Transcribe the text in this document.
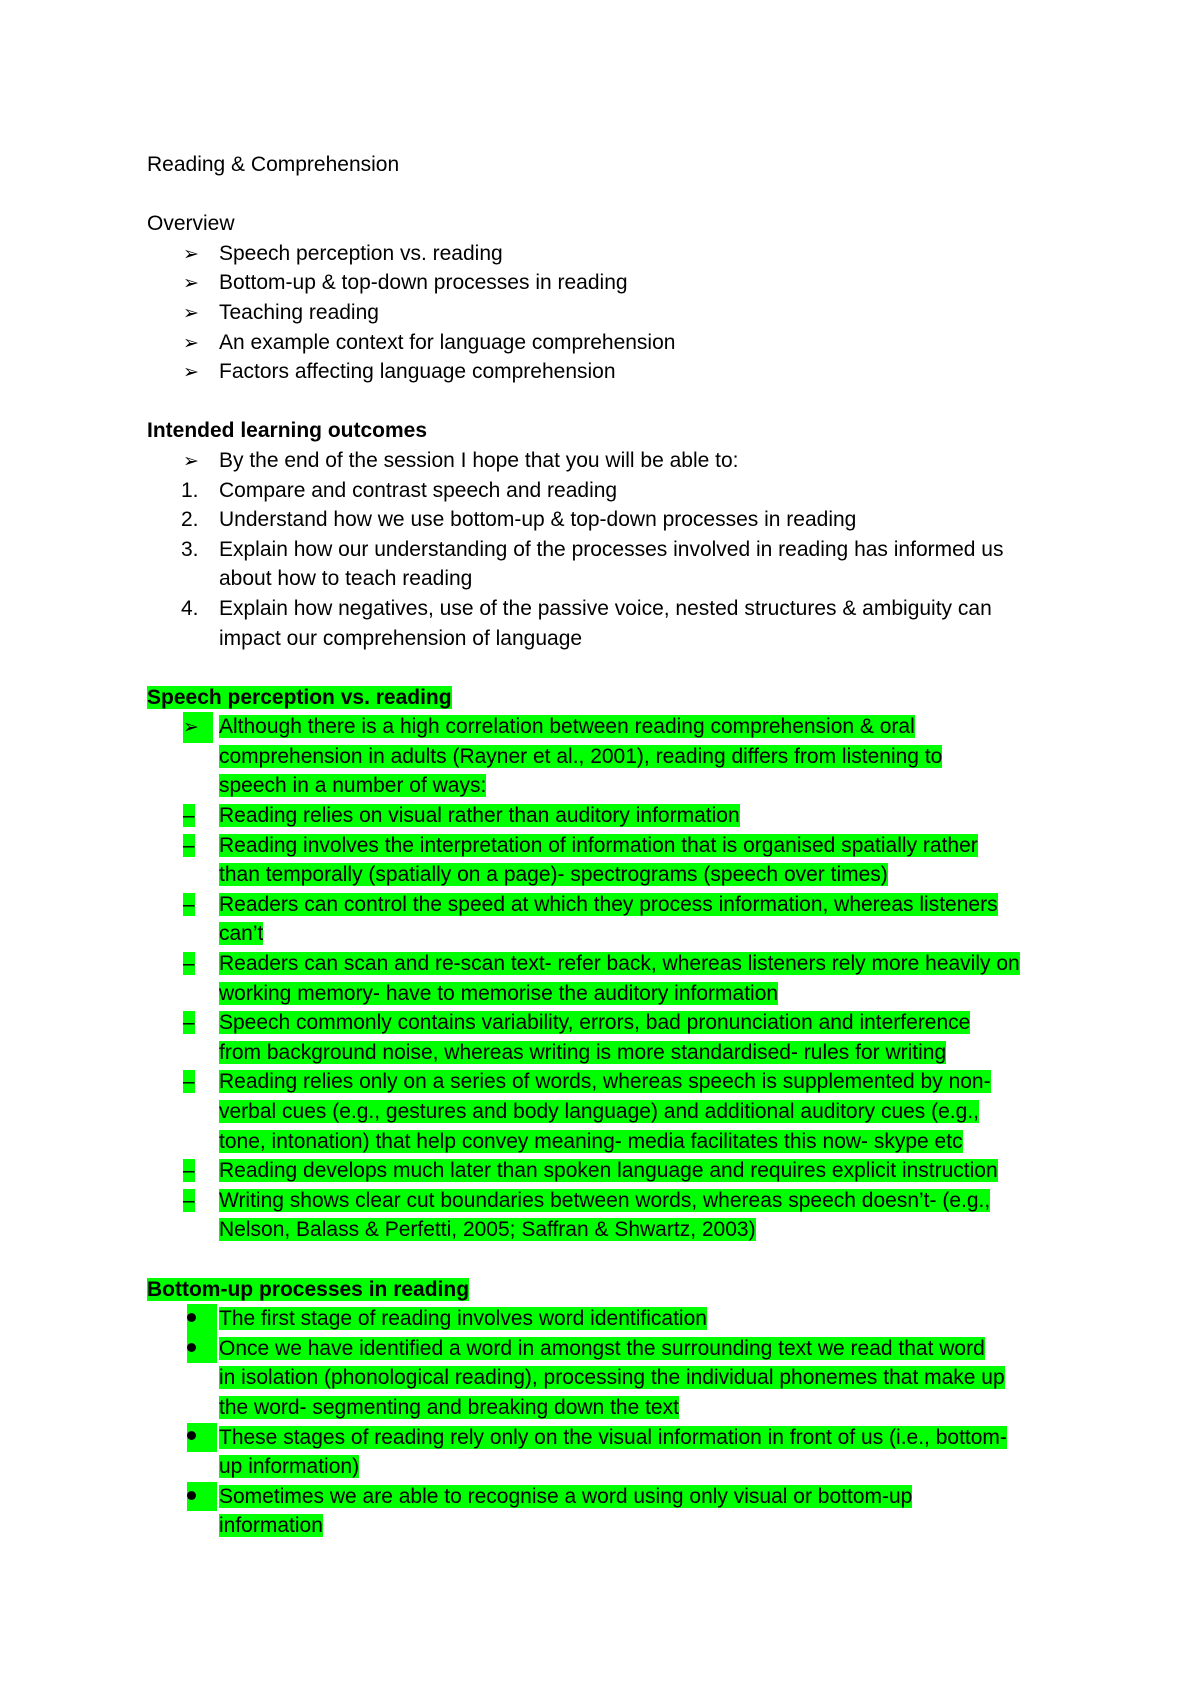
Reading & Comprehension
Overview
➢ Speech perception vs. reading
➢ Bottom-up & top-down processes in reading
➢ Teaching reading
➢ An example context for language comprehension
➢ Factors affecting language comprehension
Intended learning outcomes
➢ By the end of the session I hope that you will be able to:
1. Compare and contrast speech and reading
2. Understand how we use bottom-up & top-down processes in reading
3. Explain how our understanding of the processes involved in reading has informed us
about how to teach reading
4. Explain how negatives, use of the passive voice, nested structures & ambiguity can
impact our comprehension of language
Speech perception vs. reading
➢ Although there is a high correlation between reading comprehension & oral
comprehension in adults (Rayner et al., 2001), reading differs from listening to
speech in a number of ways:
–	Reading relies on visual rather than auditory information
–	Reading involves the interpretation of information that is organised spatially rather
than temporally (spatially on a page)- spectrograms (speech over times)
–	Readers can control the speed at which they process information, whereas listeners
can’t
–	Readers can scan and re-scan text- refer back, whereas listeners rely more heavily on
working memory- have to memorise the auditory information
–	Speech commonly contains variability, errors, bad pronunciation and interference
from background noise, whereas writing is more standardised- rules for writing
–	Reading relies only on a series of words, whereas speech is supplemented by non-
verbal cues (e.g., gestures and body language) and additional auditory cues (e.g.,
tone, intonation) that help convey meaning- media facilitates this now- skype etc
–	Reading develops much later than spoken language and requires explicit instruction
–	Writing shows clear cut boundaries between words, whereas speech doesn’t- (e.g.,
Nelson, Balass & Perfetti, 2005; Saffran & Shwartz, 2003)
Bottom-up processes in reading
The first stage of reading involves word identification
Once we have identified a word in amongst the surrounding text we read that word
in isolation (phonological reading), processing the individual phonemes that make up
the word- segmenting and breaking down the text
These stages of reading rely only on the visual information in front of us (i.e., bottom-
up information)
Sometimes we are able to recognise a word using only visual or bottom-up
information
